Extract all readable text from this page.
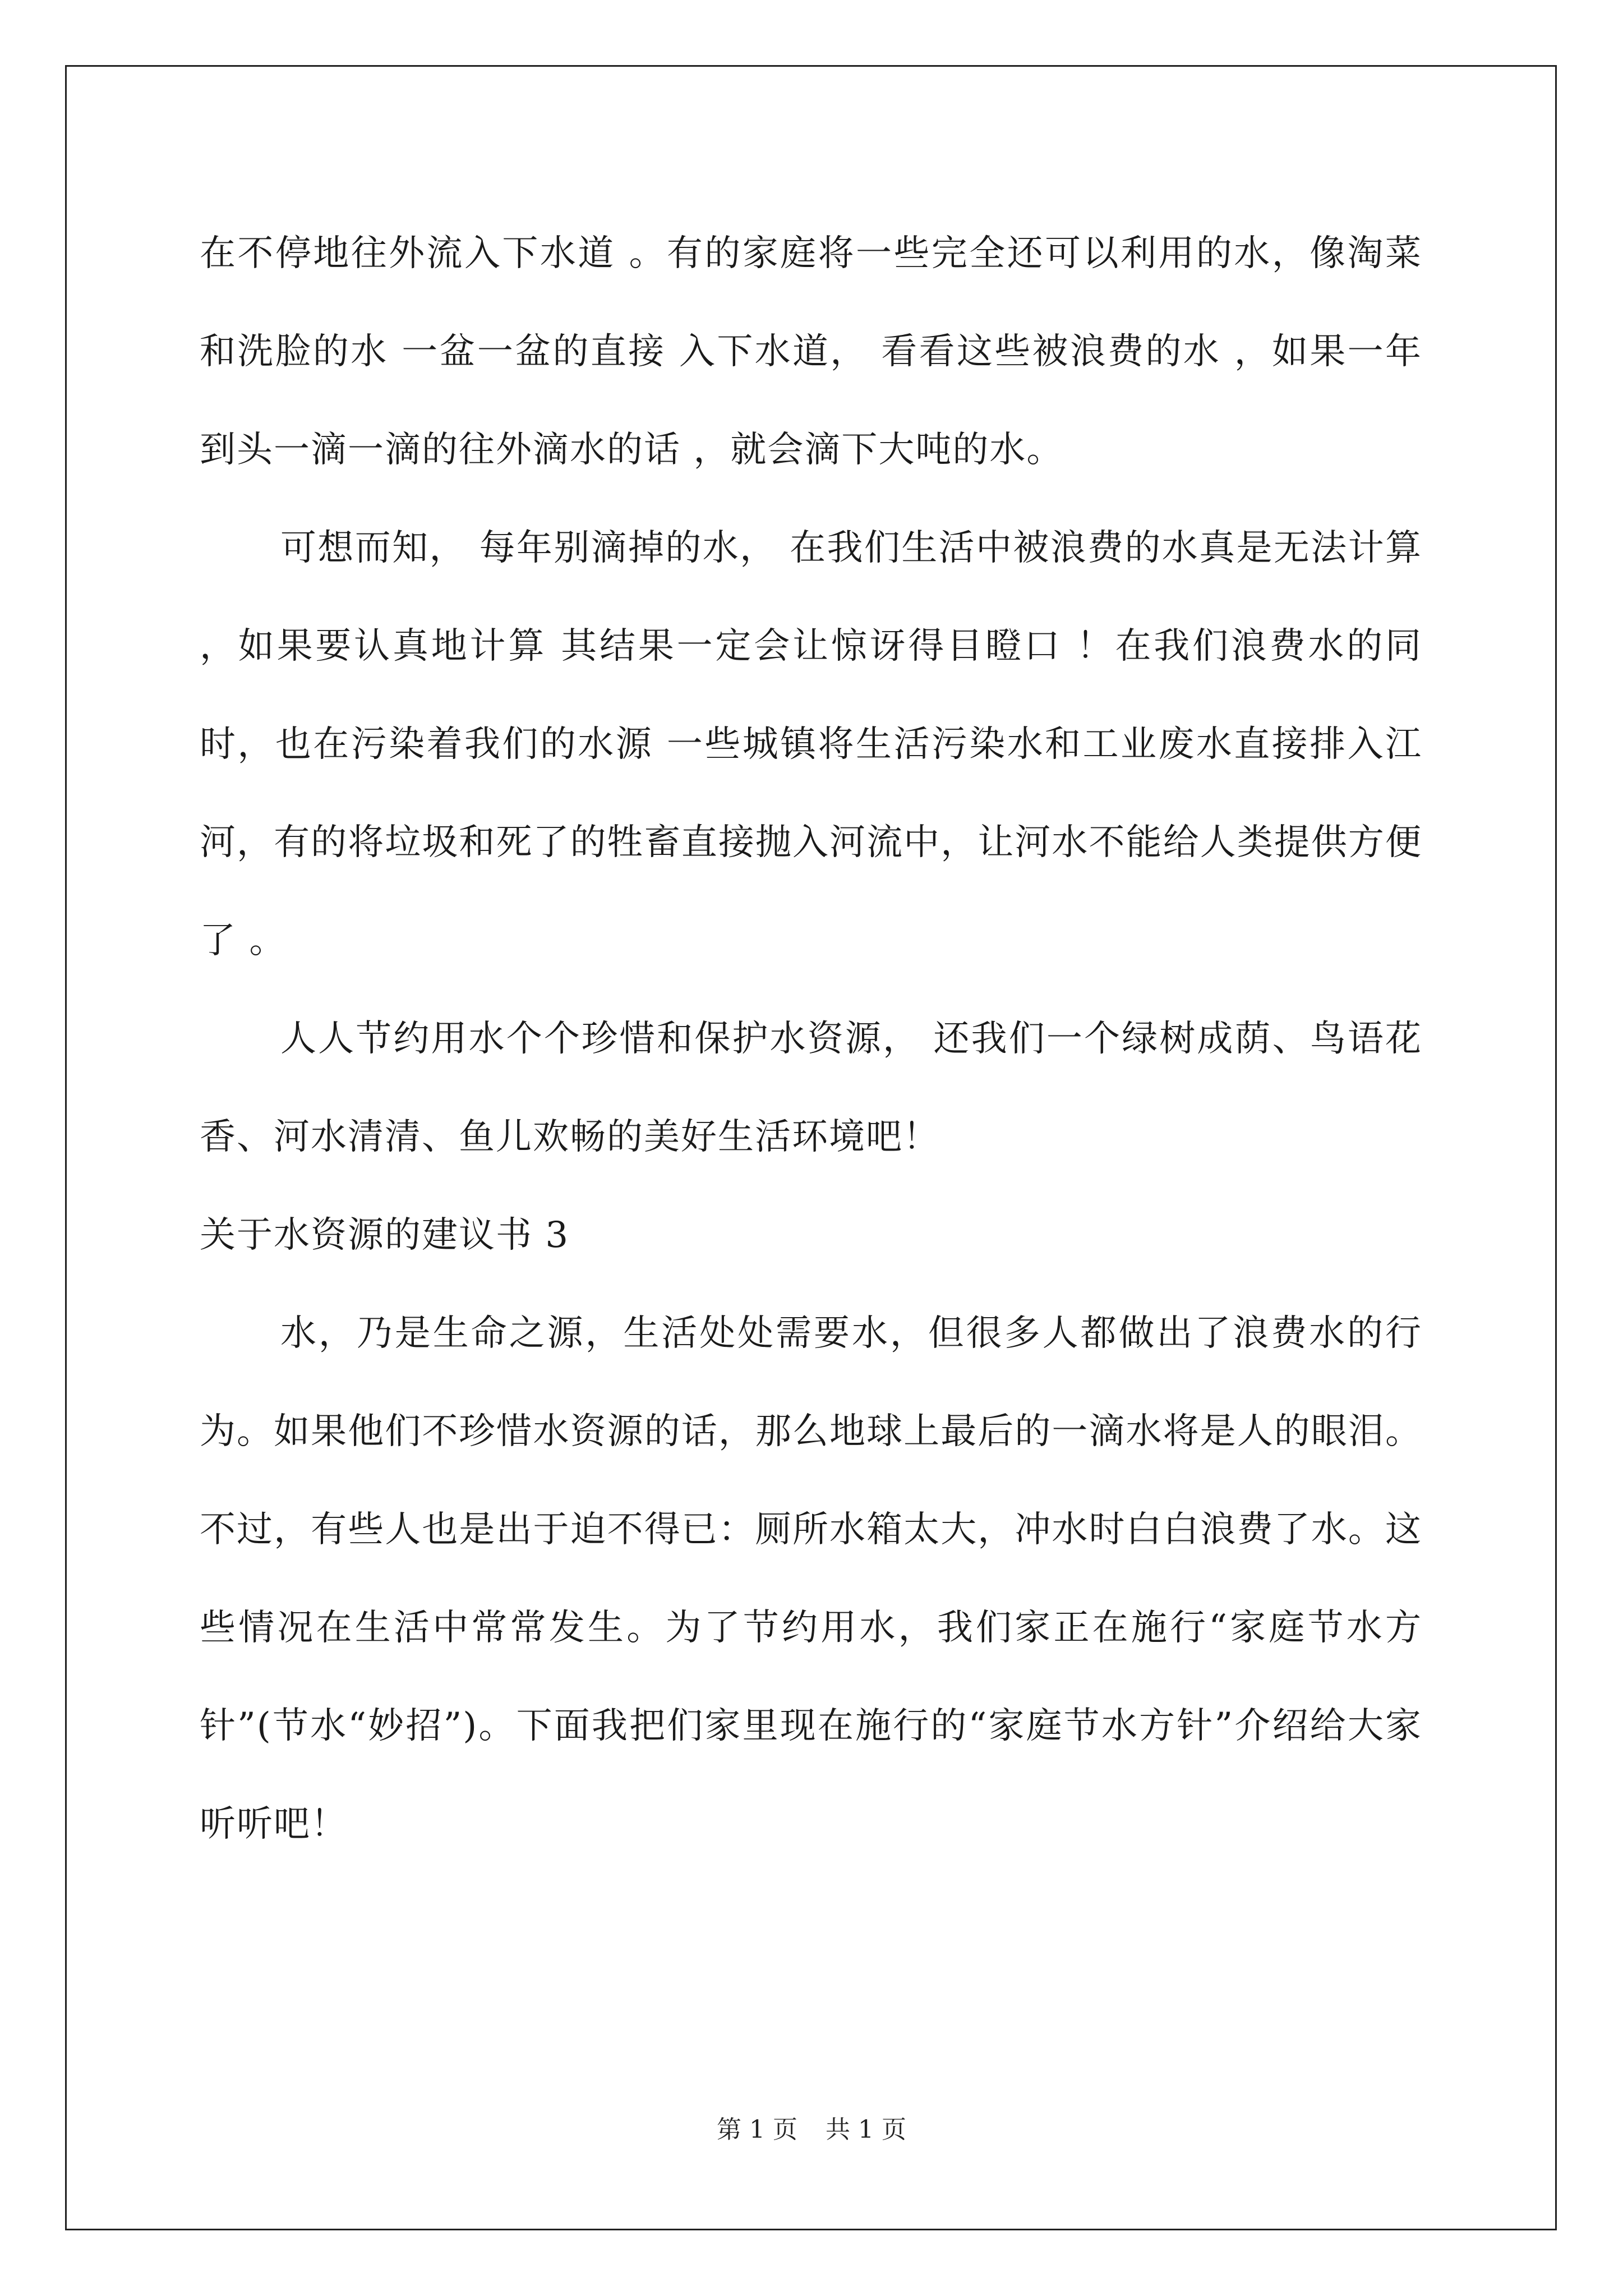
在不停地往外流入下水道 。有的家庭将一些完全还可以利用的水，像淘菜和洗脸的水 一盆一盆的直接 入下水道， 看看这些被浪费的水 ，如果一年到头一滴一滴的往外滴水的话 ，就会滴下大吨的水。

可想而知， 每年别滴掉的水， 在我们生活中被浪费的水真是无法计算 ，如果要认真地计算 其结果一定会让惊讶得目瞪口 ！在我们浪费水的同时，也在污染着我们的水源 一些城镇将生活污染水和工业废水直接排入江河，有的将垃圾和死了的牲畜直接抛入河流中，让河水不能给人类提供方便了 。

人人节约用水个个珍惜和保护水资源， 还我们一个绿树成荫、鸟语花香、河水清清、鱼儿欢畅的美好生活环境吧！

关于水资源的建议书 3

水，乃是生命之源，生活处处需要水，但很多人都做出了浪费水的行为。如果他们不珍惜水资源的话，那么地球上最后的一滴水将是人的眼泪。不过，有些人也是出于迫不得已：厕所水箱太大，冲水时白白浪费了水。这些情况在生活中常常发生。为了节约用水，我们家正在施行“家庭节水方针”(节水“妙招”)。下面我把们家里现在施行的“家庭节水方针”介绍给大家听听吧！

第 1 页 共 1 页
